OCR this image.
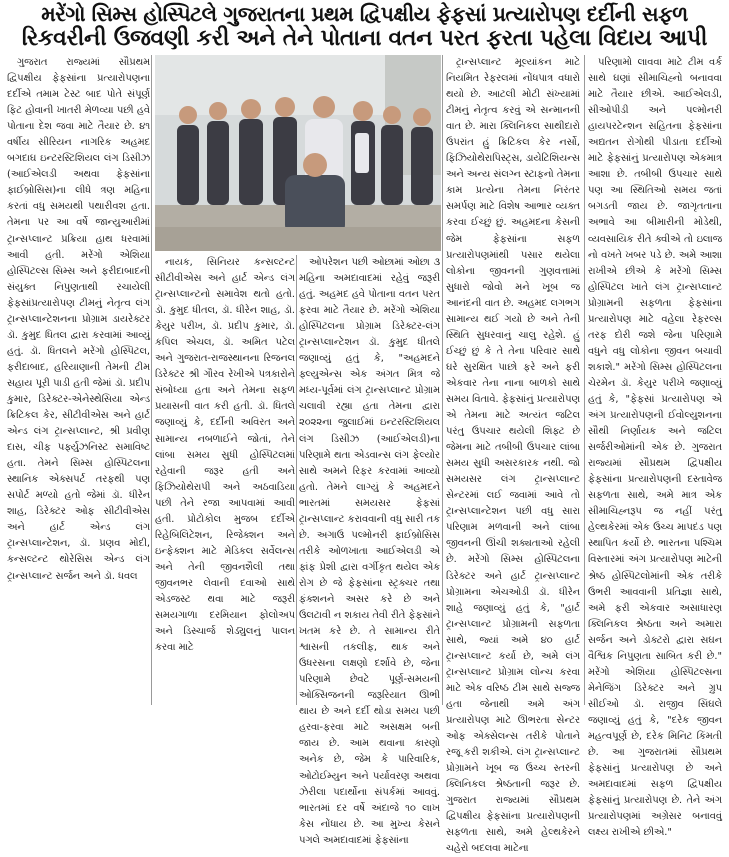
મરેંગો સિમ્સ હોસ્પિટલે ગુજરાતના પ્રથમ દ્વિપક્ષીય ફેફસાં પ્રત્યારોપણ દર્દીની સફળ
રિકવરીની ઉજવણી કરી અને તેને પોતાના વતન પરત ફરતા પહેલા વિદાય આપી

ગુજરાત રાજ્યમાં સૌપ્રથમ દ્વિપક્ષીય ફેફસાંના પ્રત્યારોપણના દર્દીએ તમામ ટેસ્ટ બાદ પોતે સંપૂર્ણ ફિટ હોવાની ખાતરી મેળવ્યા પછી હવે પોતાના દેશ જવા માટે તૈયાર છે. ૪૧ વર્ષીય સીરિયન નાગરિક અહમદ બગદાઘ ઇન્ટરસ્ટિશિયલ લંગ ડિસીઝ (આઈએલડી અથવા ફેફસાંના ફાઈબ્રોસિસ)ના લીધે ત્રણ મહિના કરતાં વધુ સમયથી પથારીવશ હતા. તેમના પર આ વર્ષે જાન્યુઆરીમાં ટ્રાન્સપ્લાન્ટ પ્રક્રિયા હાથ ધરવામાં આવી હતી. મરેંગો એશિયા હોસ્પિટલ્સ સિમ્સ અને ફરીદાબાદની સંયુક્ત નિપુણતાથી રચાયેલી ફેફસાંપ્રત્યારોપણ ટીમનું નેતૃત્વ લંગ ટ્રાન્સપ્લાન્ટેશનના પ્રોગ્રામ ડાયરેક્ટર ડૉ. કુમુદ ધિતલ દ્વારા કરવામાં આવ્યું હતું. ડૉ. ધિતલને મરેંગો હોસ્પિટલ, ફરીદાબાદ, હરિયાણાની તેમની ટીમ સહાય પૂરી પાડી હતી જેમાં ડૉ. પ્રદીપ કુમાર, ડિરેક્ટર-એનેસ્થેસિયા એન્ડ ક્રિટિકલ કેર, સીટીવીએસ અને હાર્ટ એન્ડ લંગ ટ્રાન્સપ્લાન્ટ, શ્રી પ્રવીણ દાસ, ચીફ પર્ફ્યુઝનિસ્ટ સમાવિષ્ટ હતા. તેમને સિમ્સ હોસ્પિટલના સ્થાનિક એક્સપર્ટ તરફથી પણ સપોર્ટ મળ્યો હતો જેમાં ડૉ. ધીરેન શાહ, ડિરેક્ટર ઓફ સીટીવીએસ અને હાર્ટ એન્ડ લંગ ટ્રાન્સપ્લાન્ટેશન, ડૉ. પ્રણવ મોદી, કન્સલ્ટન્ટ થોરેસિસ એન્ડ લંગ ટ્રાન્સપ્લાન્ટ સર્જન અને ડૉ. ધવલ

નાયક, સિનિયર કન્સલ્ટન્ટ સીટીવીએસ અને હાર્ટ એન્ડ લંગ ટ્રાન્સપ્લાન્ટનો સમાવેશ થતો હતો. ડૉ. કુમુદ ધીતલ, ડૉ. ધીરેન શાહ, ડૉ. કેયુર પરીખ, ડૉ. પ્રદીપ કુમાર, ડૉ. કપિલ એચલ, ડૉ. અમિત પટેલ અને ગુજરાત-રાજસ્થાનના રિજનલ ડિરેક્ટર શ્રી ગૌરવ રેખીએ પત્રકારોને સંબોધ્યા હતા અને તેમના સફળ પ્રયાસની વાત કરી હતી. ડૉ. ધિતલે જણાવ્યું કે, દર્દીની અવિરત અને સામાન્ય નબળાઈને જોતાં, તેને લાંબા સમય સુધી હોસ્પિટલમાં રહેવાની જરૂર હતી અને ફિઝિયોથેરાપી અને અઠવાડિયા પછી તેને રજા આપવામાં આવી હતી. પ્રોટોકોલ મુજબ દર્દીએ રિહેબિલિટેશન, રિજેક્શન અને ઇન્ફેક્શન માટે મેડિકલ સર્વેલન્સ અને તેની જીવનશૈલી તથા જીવનભર લેવાની દવાઓ સાથે એડજસ્ટ થવા માટે જરૂરી સમયગાળા દરમિયાન ફોલોઅપ અને ડિસ્ચાર્જ શેડ્યુલનું પાલન કરવા માટે

ઓપરેશન પછી ઓછામાં ઓછા ૩ મહિના અમદાવાદમાં રહેવું જરૂરી હતું. અહમદ હવે પોતાના વતન પરત ફરવા માટે તૈયાર છે. મરેંગો એશિયા હોસ્પિટલના પ્રોગ્રામ ડિરેક્ટર-લંગ ટ્રાન્સપ્લાન્ટેશન ડૉ. કુમુદ ધીતલે જણાવ્યું હતું કે, "અહમદને ફ્લ્યુએન્સ એક અંગત મિત્ર જે મધ્ય-પૂર્વમાં લંગ ટ્રાન્સપ્લાન્ટ પ્રોગ્રામ ચલાવી રહ્યા હતા તેમના દ્વારા ૨૦૨૨ના જુલાઈમાં ઇન્ટરસ્ટિશિયલ લંગ ડિસીઝ (આઈએલડી)ના પરિણામે થતા એડવાન્સ લંગ ફેલ્યોર સાથે અમને રિફર કરવામાં આવ્યો હતો. તેમને લાગ્યું કે અહમદને ભારતમાં સમયસર ફેફસાં ટ્રાન્સપ્લાન્ટ કરાવવાની વધુ સારી તક છે. અગાઉ પલ્મોનરી ફાઈબ્રોસિસ તરીકે ઓળખાતા આઈએલડી એ ફાંફ પ્રેશી દ્વારા વર્ગીકૃત થયેલ એક રોગ છે જે ફેફસાંના સ્ટ્રક્ચર તથા ફંક્શનને અસર કરે છે અને ઉલટાવી ન શકાય તેવી રીતે ફેફસાંને ખતમ કરે છે. તે સામાન્ય રીતે શ્વાસની તકલીફ, થાક અને ઉધરસના લક્ષણો દર્શાવે છે, જેના પરિણામે છેવટે પૂર્ણ-સમયની ઓક્સિજનની જરૂરિયાત ઊભી થાય છે અને દર્દી થોડા સમય પછી હરવા-ફરવા માટે અસક્ષમ બની જાય છે. આમ થવાના કારણો અનેક છે, જેમ કે પારિવારિક, ઓટોઈમ્યુન અને પર્યાવરણ અથવા ઝેરીલા પદાર્થોના સંપર્કમાં આવવું. ભારતમાં દર વર્ષે અંદાજે ૧૦ લાખ કેસ નોંધાય છે. આ મુખ્ય કેસને પગલે અમદાવાદમાં ફેફસાંના

ટ્રાન્સપ્લાન્ટ મૂલ્યાંકન માટે નિયમિત રેફરલમાં નોંધપાત્ર વધારો થયો છે. આટલી મોટી સંખ્યામાં ટીમનું નેતૃત્વ કરવું એ સન્માનની વાત છે. મારા ક્લિનિકલ સાથીદારો ઉપરાંત હું ક્રિટિકલ કેર નર્સો, ફિઝિયોથેરાપિસ્ટ્સ, ડાયેટિશિયન્સ અને અન્ય સંલગ્ન સ્ટાફનો તેમના કામ પ્રત્યેના તેમના નિરંતર સમર્પણ માટે વિશેષ આભાર વ્યક્ત કરવા ઈચ્છું છું. અહમદના કેસની જેમ ફેફસાંના સફળ પ્રત્યારોપણમાંથી પસાર થયેલા લોકોના જીવનની ગુણવત્તામાં સુધારો જોવો મને ખૂબ જ આનંદની વાત છે. અહમદ લગભગ સામાન્ય થઈ ગયો છે અને તેની સ્થિતિ સુધરવાનું ચાલુ રહેશે. હું ઈચ્છું છું કે તે તેના પરિવાર સાથે ઘરે સુરક્ષિત પાછો ફરે અને ફરી એકવાર તેના નાના બાળકો સાથે સમય વિતાવે. ફેફસાંનું પ્રત્યારોપણ એ તેમના માટે અત્યંત જટિલ પરંતુ ઉપચાર થયેલી શિફ્ટ છે જેમના માટે તબીબી ઉપચાર લાંબા સમય સુધી અસરકારક નથી. જો સમયસર લંગ ટ્રાન્સપ્લાન્ટ સેન્ટરમાં લઈ જવામાં આવે તો ટ્રાન્સપ્લાન્ટેશન પછી વધુ સારા પરિણામ મળવાની અને લાંબા જીવનની ઊંચી શક્યતાઓ રહેલી છે. મરેંગો સિમ્સ હોસ્પિટલના ડિરેક્ટર અને હાર્ટ ટ્રાન્સપ્લાન્ટ પ્રોગ્રામના એચઓડી ડૉ. ધીરેન શાહે જણાવ્યું હતું કે, "હાર્ટ ટ્રાન્સપ્લાન્ટ પ્રોગ્રામની સફળતા સાથે, જ્યાં અમે ૪૦ હાર્ટ ટ્રાન્સપ્લાન્ટ કર્યા છે, અમે લંગ ટ્રાન્સપ્લાન્ટ પ્રોગ્રામ લોન્ચ કરવા માટે એક વરિષ્ઠ ટીમ સાથે સજ્જ હતા જેનાથી અમે અંગ પ્રત્યારોપણ માટે ઊભરતા સેન્ટર ઓફ એક્સેલન્સ તરીકે પોતાને રજૂ કરી શકીએ. લંગ ટ્રાન્સપ્લાન્ટ પ્રોગ્રામને ખૂબ જ ઉચ્ચ સ્તરની ક્લિનિકલ શ્રેષ્ઠતાની જરૂર છે. ગુજરાત રાજ્યમાં સૌપ્રથમ દ્વિપક્ષીય ફેફસાંના પ્રત્યારોપણની સફળતા સાથે, અમે હેલ્થકેરને ચહેરો બદલવા માટેના

પરિણામો લાવવા માટે ટીમ વર્ક સાથે ઘણાં સીમાચિહ્નો બનાવવા માટે તૈયાર છીએ. આઈએલડી, સીઓપીડી અને પલ્મોનરી હાયપરટેન્શન સહિતના ફેફસાંના અદ્યતન રોગોથી પીડાતા દર્દીઓ માટે ફેફસાંનું પ્રત્યારોપણ એકમાત્ર આશા છે. તબીબી ઉપચાર સાથે પણ આ સ્થિતિઓ સમય જતાં બગડતી જાય છે. જાગૃતતાના અભાવે આ બીમારીની મોડેથી, વ્યવસાયિક રીતે ક્વીએ તો ઇલાજ નો વખતે ખબર પડે છે. અમે આશા રાખીએ છીએ કે મરેંગો સિમ્સ હોસ્પિટલ ખાતે લંગ ટ્રાન્સપ્લાન્ટ પ્રોગ્રામની સફળતા ફેફસાંના પ્રત્યારોપણ માટે વહેલા રેફરલ્સ તરફ દોરી જશે જેના પરિણામે વધુને વધુ લોકોના જીવન બચાવી શકાશે." મરેંગો સિમ્સ હોસ્પિટલના ચેરમેન ડૉ. કેયુર પરીખે જણાવ્યું હતું કે, "ફેફસાં પ્રત્યારોપણ એ અંગ પ્રત્યારોપણની ઈવોલ્યુશનના સૌથી નિર્ણાયક અને જટિલ સર્જરીઓમાંની એક છે. ગુજરાત રાજ્યમાં સૌપ્રથમ દ્વિપક્ષીય ફેફસાંના પ્રત્યારોપણની દસ્તાવેજ સફળતા સાથે, અમે માત્ર એક સીમાચિહ્નરૂપ જ નહીં પરંતુ હેલ્થકેરમાં એક ઉચ્ચ માપદંડ પણ સ્થાપિત કર્યો છે. ભારતના પશ્ચિમ વિસ્તારમાં અંગ પ્રત્યારોપણ માટેની શ્રેષ્ઠ હોસ્પિટલોમાંની એક તરીકે ઉભરી આવવાની પ્રતિજ્ઞા સાથે, અમે ફરી એકવાર અસાધારણ ક્લિનિકલ શ્રેષ્ઠતા અને અમારા સર્જન અને ડોક્ટરો દ્વારા સઘન વૈશ્વિક નિપુણતા સાબિત કરી છે." મરેંગો એશિયા હોસ્પિટલ્સના મેનેજિંગ ડિરેક્ટર અને ગ્રુપ સીઈઓ ડૉ. રાજીવ સિંઘલે જણાવ્યું હતું કે, "દરેક જીવન મહત્વપૂર્ણ છે, દરેક મિનિટ કિંમતી છે. આ ગુજરાતમાં સૌપ્રથમ ફેફસાંનું પ્રત્યારોપણ છે અને અમદાવાદમાં સફળ દ્વિપક્ષીય ફેફસાંનું પ્રત્યારોપણ છે. તેને અંગ પ્રત્યારોપણમાં અગ્રેસર બનાવવું લક્ષ્ય રાખીએ છીએ."
